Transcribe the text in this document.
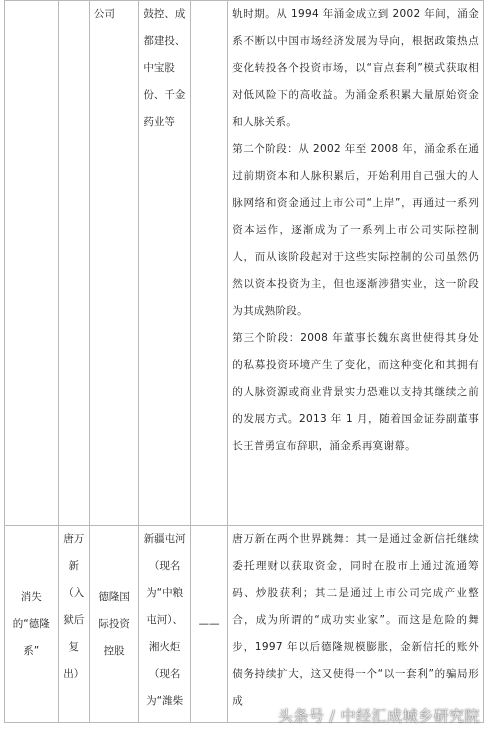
		公司	鼓控、成都建投、中宝股份、千金药业等		轨时期。从 1994 年涌金成立到 2002 年间，涌金系不断以中国市场经济发展为导向，根据政策热点变化转投各个投资市场，以“盲点套利”模式获取相对低风险下的高收益。为涌金系积累大量原始资金和人脉关系。
第二个阶段：从 2002 年至 2008 年，涌金系在通过前期资本和人脉积累后，开始利用自己强大的人脉网络和资金通过上市公司“上岸”，再通过一系列资本运作，逐渐成为了一系列上市公司实际控制人，而从该阶段起对于这些实际控制的公司虽然仍然以资本投资为主，但也逐渐涉猎实业，这一阶段为其成熟阶段。
第三个阶段：2008 年董事长魏东离世使得其身处的私募投资环境产生了变化，而这种变化和其拥有的人脉资源或商业背景实力恐难以支持其继续之前的发展方式。2013 年 1 月，随着国金证券副董事长王普勇宣布辞职，涌金系再寞谢幕。

消失的“德隆系”	唐万新（入狱后复出）	德隆国际投资控股	新疆屯河（现名为“中粮屯河）、湘火炬（现名为“潍柴	——	唐万新在两个世界跳舞：其一是通过金新信托继续委托理财以获取资金，同时在股市上通过流通筹码、炒股获利；其二是通过上市公司完成产业整合，成为所谓的“成功实业家”。而这是危险的舞步，1997 年以后德隆规模膨胀，金新信托的账外债务持续扩大，这又使得一个“以一套利”的骗局形成
头条号 / 中经汇成城乡研究院
